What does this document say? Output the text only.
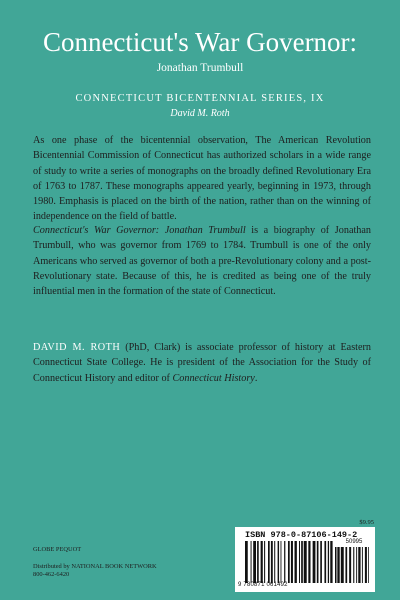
Connecticut's War Governor:
Jonathan Trumbull
CONNECTICUT BICENTENNIAL SERIES, IX
David M. Roth

As one phase of the bicentennial observation, The American Revolution Bicentennial Commission of Connecticut has authorized scholars in a wide range of study to write a series of monographs on the broadly defined Revolutionary Era of 1763 to 1787. These monographs appeared yearly, beginning in 1973, through 1980. Emphasis is placed on the birth of the nation, rather than on the winning of independence on the field of battle.

Connecticut's War Governor: Jonathan Trumbull is a biography of Jonathan Trumbull, who was governor from 1769 to 1784. Trumbull is one of the only Americans who served as governor of both a pre-Revolutionary colony and a post-Revolutionary state. Because of this, he is credited as being one of the truly influential men in the formation of the state of Connecticut.

DAVID M. ROTH (PhD, Clark) is associate professor of history at Eastern Connecticut State College. He is president of the Association for the Study of Connecticut History and editor of Connecticut History.

$9.95
GLOBE PEQUOT
Distributed by NATIONAL BOOK NETWORK
800-462-6420
ISBN 978-0-87106-149-2
50995
9 780871 061492
